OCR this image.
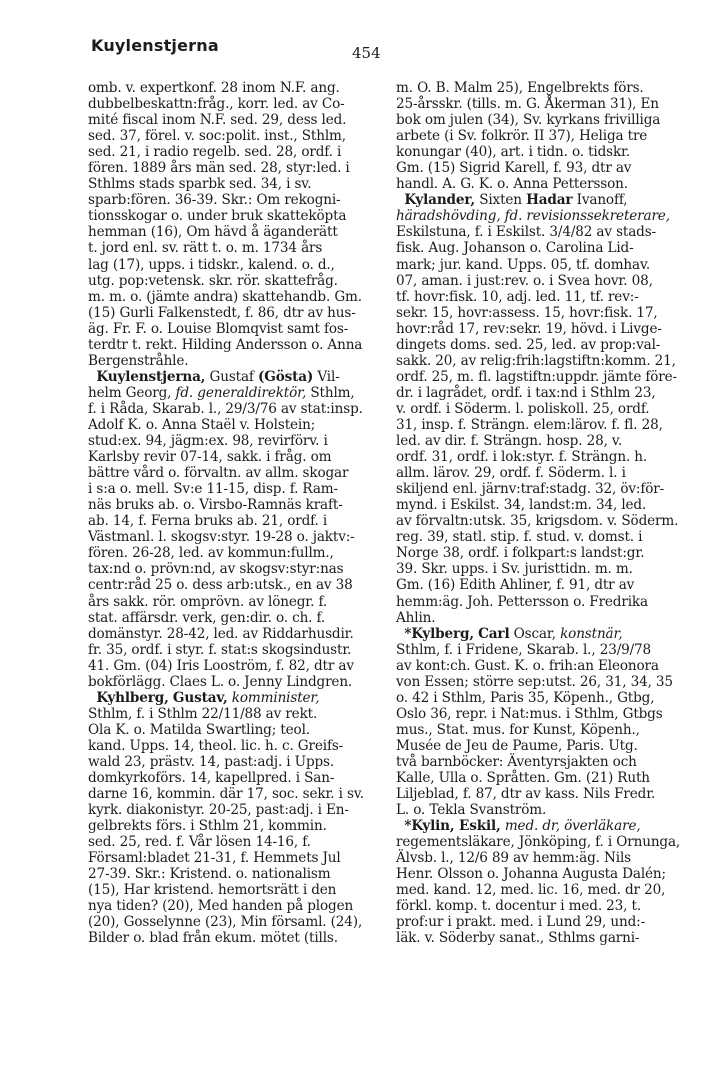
Kuylenstjerna	454
omb. v. expertkonf. 28 inom N.F. ang.
dubbelbeskattn:fråg., korr. led. av Co-
mité fiscal inom N.F. sed. 29, dess led.
sed. 37, förel. v. soc:polit. inst., Sthlm,
sed. 21, i radio regelb. sed. 28, ordf. i
fören. 1889 års män sed. 28, styr:led. i
Sthlms stads sparbk sed. 34, i sv.
sparb:fören. 36-39. Skr.: Om rekogni-
tionsskogar o. under bruk skatteköpta
hemman (16), Om hävd å äganderätt
t. jord enl. sv. rätt t. o. m. 1734 års
lag (17), upps. i tidskr., kalend. o. d.,
utg. pop:vetensk. skr. rör. skattefråg.
m. m. o. (jämte andra) skattehandb. Gm.
(15) Gurli Falkenstedt, f. 86, dtr av hus-
äg. Fr. F. o. Louise Blomqvist samt fos-
terdtr t. rekt. Hilding Andersson o. Anna
Bergenstråhle.
Kuylenstjerna, Gustaf (Gösta) Vil-
helm Georg, fd. generaldirektör, Sthlm,
f. i Råda, Skarab. l., 29/3/76 av stat:insp.
Adolf K. o. Anna Staël v. Holstein;
stud:ex. 94, jägm:ex. 98, revirförv. i
Karlsby revir 07-14, sakk. i fråg. om
bättre vård o. förvaltn. av allm. skogar
i s:a o. mell. Sv:e 11-15, disp. f. Ram-
näs bruks ab. o. Virsbo-Ramnäs kraft-
ab. 14, f. Ferna bruks ab. 21, ordf. i
Västmanl. l. skogsv:styr. 19-28 o. jaktv:-
fören. 26-28, led. av kommun:fullm.,
tax:nd o. prövn:nd, av skogsv:styr:nas
centr:råd 25 o. dess arb:utsk., en av 38
års sakk. rör. omprövn. av lönegr. f.
stat. affärsdr. verk, gen:dir. o. ch. f.
domänstyr. 28-42, led. av Riddarhusdir.
fr. 35, ordf. i styr. f. stat:s skogsindustr.
41. Gm. (04) Iris Looström, f. 82, dtr av
bokförlägg. Claes L. o. Jenny Lindgren.
Kyhlberg, Gustav, komminister,
Sthlm, f. i Sthlm 22/11/88 av rekt.
Ola K. o. Matilda Swartling; teol.
kand. Upps. 14, theol. lic. h. c. Greifs-
wald 23, prästv. 14, past:adj. i Upps.
domkyrkoförs. 14, kapellpred. i San-
darne 16, kommin. där 17, soc. sekr. i sv.
kyrk. diakonistyr. 20-25, past:adj. i En-
gelbrekts förs. i Sthlm 21, kommin.
sed. 25, red. f. Vår lösen 14-16, f.
Församl:bladet 21-31, f. Hemmets Jul
27-39. Skr.: Kristend. o. nationalism
(15), Har kristend. hemortsrätt i den
nya tiden? (20), Med handen på plogen
(20), Gosselynne (23), Min församl. (24),
Bilder o. blad från ekum. mötet (tills.
m. O. B. Malm 25), Engelbrekts förs.
25-årsskr. (tills. m. G. Åkerman 31), En
bok om julen (34), Sv. kyrkans frivilliga
arbete (i Sv. folkrör. II 37), Heliga tre
konungar (40), art. i tidn. o. tidskr.
Gm. (15) Sigrid Karell, f. 93, dtr av
handl. A. G. K. o. Anna Pettersson.
Kylander, Sixten Hadar Ivanoff,
häradshövding, fd. revisionssekreterare,
Eskilstuna, f. i Eskilst. 3/4/82 av stads-
fisk. Aug. Johanson o. Carolina Lid-
mark; jur. kand. Upps. 05, tf. domhav.
07, aman. i just:rev. o. i Svea hovr. 08,
tf. hovr:fisk. 10, adj. led. 11, tf. rev:-
sekr. 15, hovr:assess. 15, hovr:fisk. 17,
hovr:råd 17, rev:sekr. 19, hövd. i Livge-
dingets doms. sed. 25, led. av prop:val-
sakk. 20, av relig:frih:lagstiftn:komm. 21,
ordf. 25, m. fl. lagstiftn:uppdr. jämte före-
dr. i lagrådet, ordf. i tax:nd i Sthlm 23,
v. ordf. i Söderm. l. poliskoll. 25, ordf.
31, insp. f. Strängn. elem:lärov. f. fl. 28,
led. av dir. f. Strängn. hosp. 28, v.
ordf. 31, ordf. i lok:styr. f. Strängn. h.
allm. lärov. 29, ordf. f. Söderm. l. i
skiljend enl. järnv:traf:stadg. 32, öv:för-
mynd. i Eskilst. 34, landst:m. 34, led.
av förvaltn:utsk. 35, krigsdom. v. Söderm.
reg. 39, statl. stip. f. stud. v. domst. i
Norge 38, ordf. i folkpart:s landst:gr.
39. Skr. upps. i Sv. juristtidn. m. m.
Gm. (16) Edith Ahliner, f. 91, dtr av
hemm:äg. Joh. Pettersson o. Fredrika
Ahlin.
*Kylberg, Carl Oscar, konstnär,
Sthlm, f. i Fridene, Skarab. l., 23/9/78
av kont:ch. Gust. K. o. frih:an Eleonora
von Essen; större sep:utst. 26, 31, 34, 35
o. 42 i Sthlm, Paris 35, Köpenh., Gtbg,
Oslo 36, repr. i Nat:mus. i Sthlm, Gtbgs
mus., Stat. mus. for Kunst, Köpenh.,
Musée de Jeu de Paume, Paris. Utg.
två barnböcker: Äventyrsjakten och
Kalle, Ulla o. Språtten. Gm. (21) Ruth
Liljeblad, f. 87, dtr av kass. Nils Fredr.
L. o. Tekla Svanström.
*Kylin, Eskil, med. dr, överläkare,
regementsläkare, Jönköping, f. i Ornunga,
Älvsb. l., 12/6 89 av hemm:äg. Nils
Henr. Olsson o. Johanna Augusta Dalén;
med. kand. 12, med. lic. 16, med. dr 20,
förkl. komp. t. docentur i med. 23, t.
prof:ur i prakt. med. i Lund 29, und:-
läk. v. Söderby sanat., Sthlms garni-
